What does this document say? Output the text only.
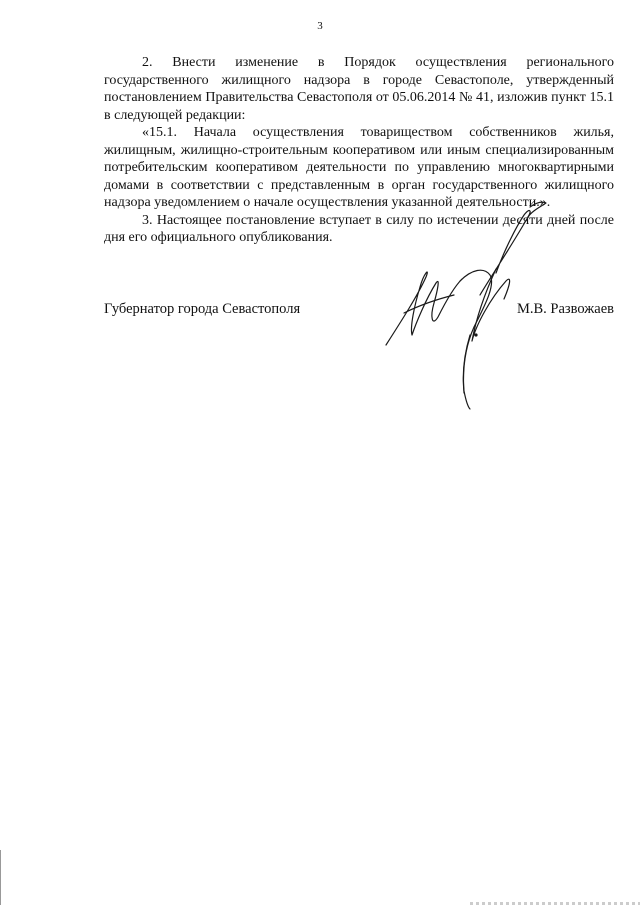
3

2. Внести изменение в Порядок осуществления регионального государственного жилищного надзора в городе Севастополе, утвержденный постановлением Правительства Севастополя от 05.06.2014 № 41, изложив пункт 15.1 в следующей редакции:

«15.1. Начала осуществления товариществом собственников жилья, жилищным, жилищно-строительным кооперативом или иным специализированным потребительским кооперативом деятельности по управлению многоквартирными домами в соответствии с представленным в орган государственного жилищного надзора уведомлением о начале осуществления указанной деятельности.».

3. Настоящее постановление вступает в силу по истечении десяти дней после дня его официального опубликования.

Губернатор города Севастополя	М.В. Развожаев
